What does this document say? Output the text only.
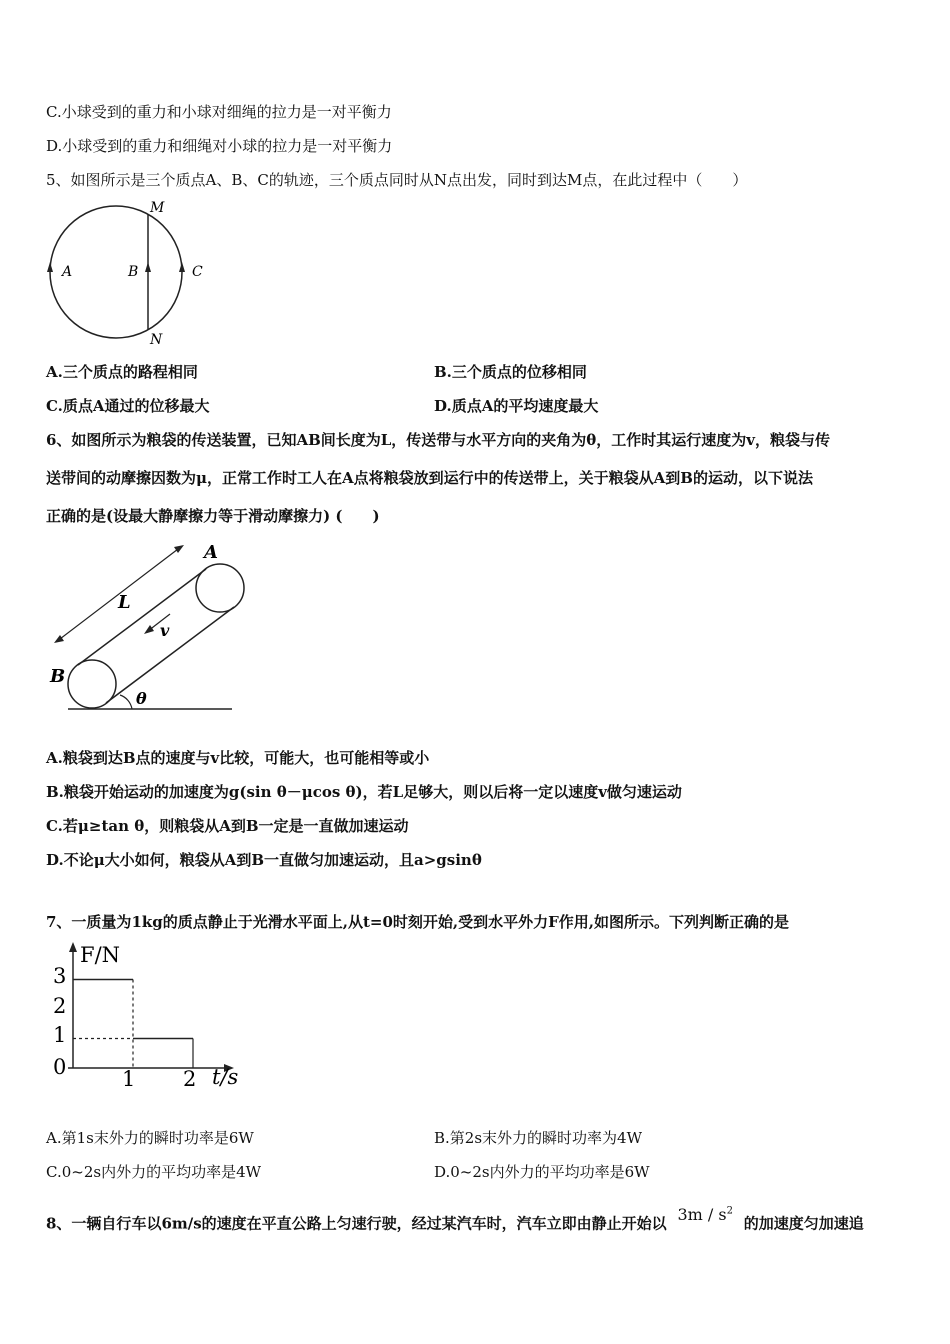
C.小球受到的重力和小球对细绳的拉力是一对平衡力
D.小球受到的重力和细绳对小球的拉力是一对平衡力
5、如图所示是三个质点A、B、C的轨迹，三个质点同时从N点出发，同时到达M点，在此过程中（　　）
M
N
A	B	C
A.三个质点的路程相同	B.三个质点的位移相同
C.质点A通过的位移最大	D.质点A的平均速度最大
6、如图所示为粮袋的传送装置，已知AB间长度为L，传送带与水平方向的夹角为θ，工作时其运行速度为v，粮袋与传
送带间的动摩擦因数为μ，正常工作时工人在A点将粮袋放到运行中的传送带上，关于粮袋从A到B的运动，以下说法
正确的是(设最大静摩擦力等于滑动摩擦力) (　　)
A
B
L
v
θ
A.粮袋到达B点的速度与v比较，可能大，也可能相等或小
B.粮袋开始运动的加速度为g(sin θ－μcos θ)，若L足够大，则以后将一定以速度v做匀速运动
C.若μ≥tan θ，则粮袋从A到B一定是一直做加速运动
D.不论μ大小如何，粮袋从A到B一直做匀加速运动，且a>gsinθ
7、一质量为1kg的质点静止于光滑水平面上,从t=0时刻开始,受到水平外力F作用,如图所示。下列判断正确的是
F/N
t/s
3
2
1
0	1 2
A.第1s末外力的瞬时功率是6W	B.第2s末外力的瞬时功率为4W
C.0~2s内外力的平均功率是4W	D.0~2s内外力的平均功率是6W
8、一辆自行车以6m/s的速度在平直公路上匀速行驶，经过某汽车时，汽车立即由静止开始以 $3m / s^2$ 的加速度匀加速追
